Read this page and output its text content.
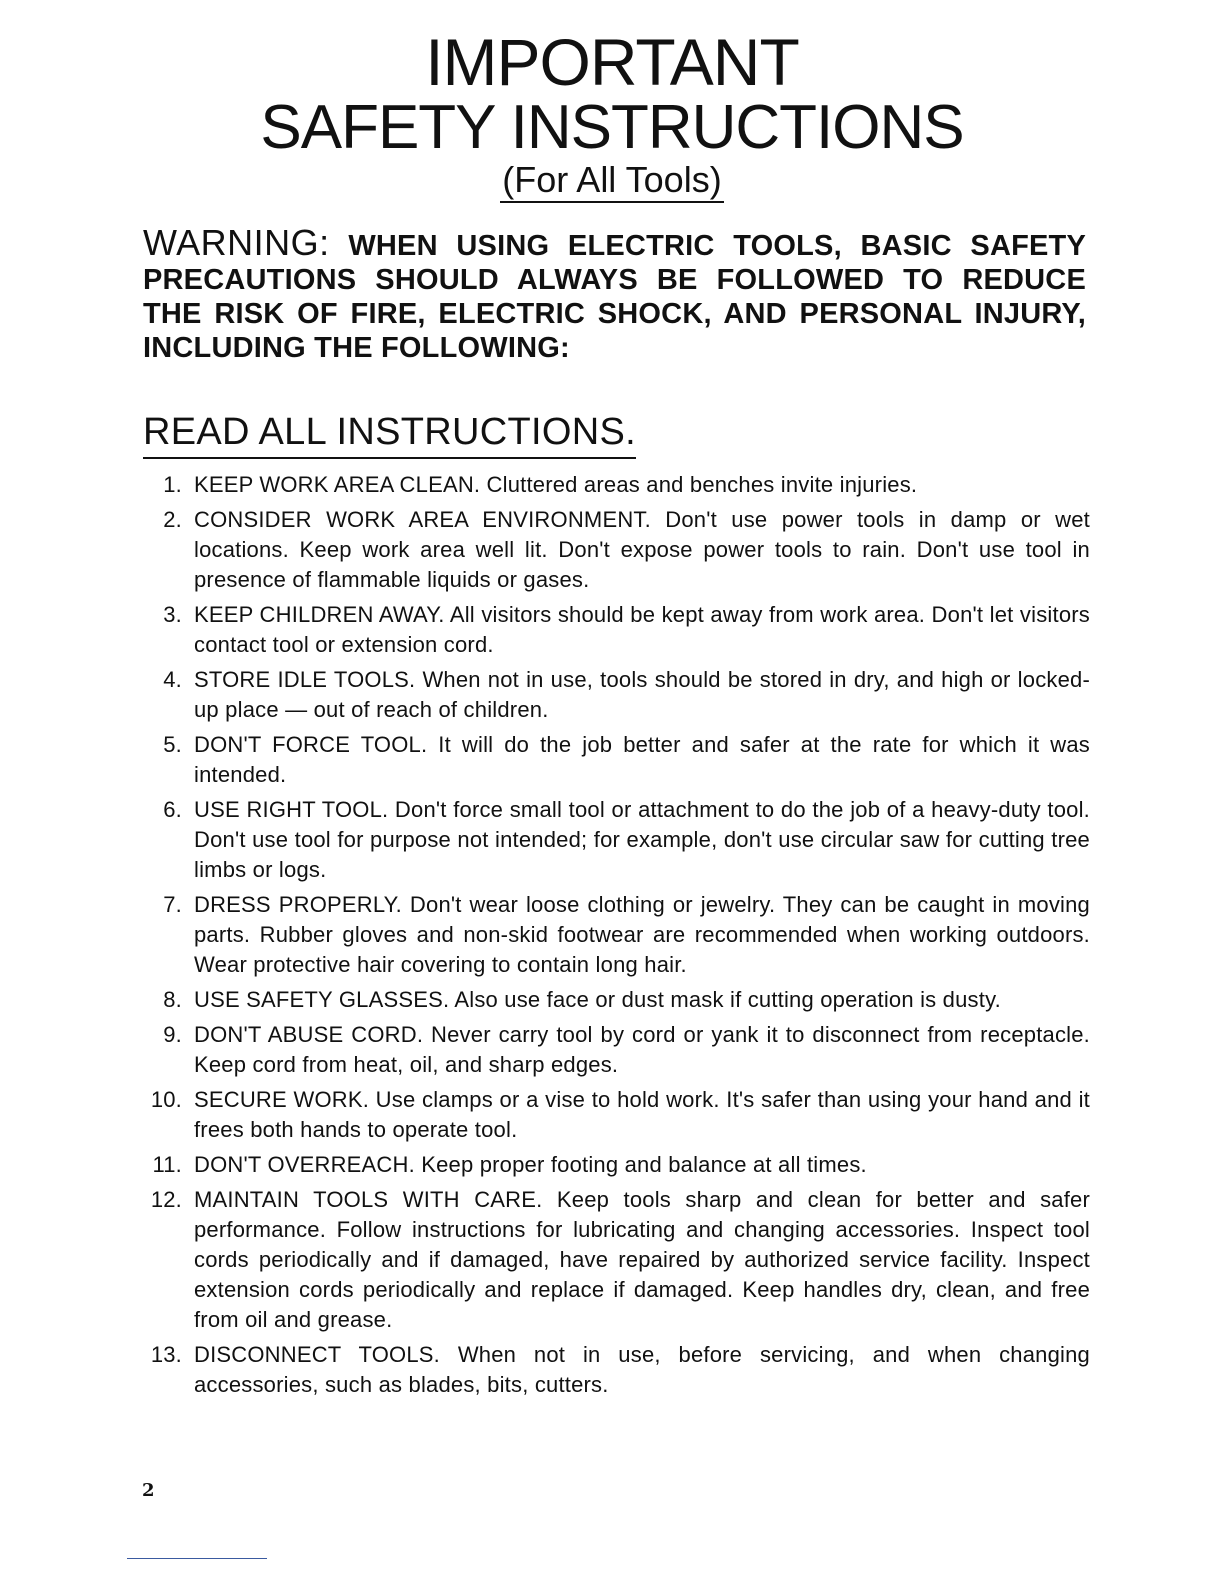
IMPORTANT
SAFETY INSTRUCTIONS
(For All Tools)
WARNING: WHEN USING ELECTRIC TOOLS, BASIC SAFETY PRECAUTIONS SHOULD ALWAYS BE FOLLOWED TO REDUCE THE RISK OF FIRE, ELECTRIC SHOCK, AND PERSONAL INJURY, INCLUDING THE FOLLOWING:
READ ALL INSTRUCTIONS.
1. KEEP WORK AREA CLEAN. Cluttered areas and benches invite injuries.
2. CONSIDER WORK AREA ENVIRONMENT. Don't use power tools in damp or wet locations. Keep work area well lit. Don't expose power tools to rain. Don't use tool in presence of flammable liquids or gases.
3. KEEP CHILDREN AWAY. All visitors should be kept away from work area. Don't let visitors contact tool or extension cord.
4. STORE IDLE TOOLS. When not in use, tools should be stored in dry, and high or locked-up place — out of reach of children.
5. DON'T FORCE TOOL. It will do the job better and safer at the rate for which it was intended.
6. USE RIGHT TOOL. Don't force small tool or attachment to do the job of a heavy-duty tool. Don't use tool for purpose not intended; for example, don't use circular saw for cutting tree limbs or logs.
7. DRESS PROPERLY. Don't wear loose clothing or jewelry. They can be caught in moving parts. Rubber gloves and non-skid footwear are recommended when working outdoors. Wear protective hair covering to contain long hair.
8. USE SAFETY GLASSES. Also use face or dust mask if cutting operation is dusty.
9. DON'T ABUSE CORD. Never carry tool by cord or yank it to disconnect from receptacle. Keep cord from heat, oil, and sharp edges.
10. SECURE WORK. Use clamps or a vise to hold work. It's safer than using your hand and it frees both hands to operate tool.
11. DON'T OVERREACH. Keep proper footing and balance at all times.
12. MAINTAIN TOOLS WITH CARE. Keep tools sharp and clean for better and safer performance. Follow instructions for lubricating and changing accessories. Inspect tool cords periodically and if damaged, have repaired by authorized service facility. Inspect extension cords periodically and replace if damaged. Keep handles dry, clean, and free from oil and grease.
13. DISCONNECT TOOLS. When not in use, before servicing, and when changing accessories, such as blades, bits, cutters.
2
